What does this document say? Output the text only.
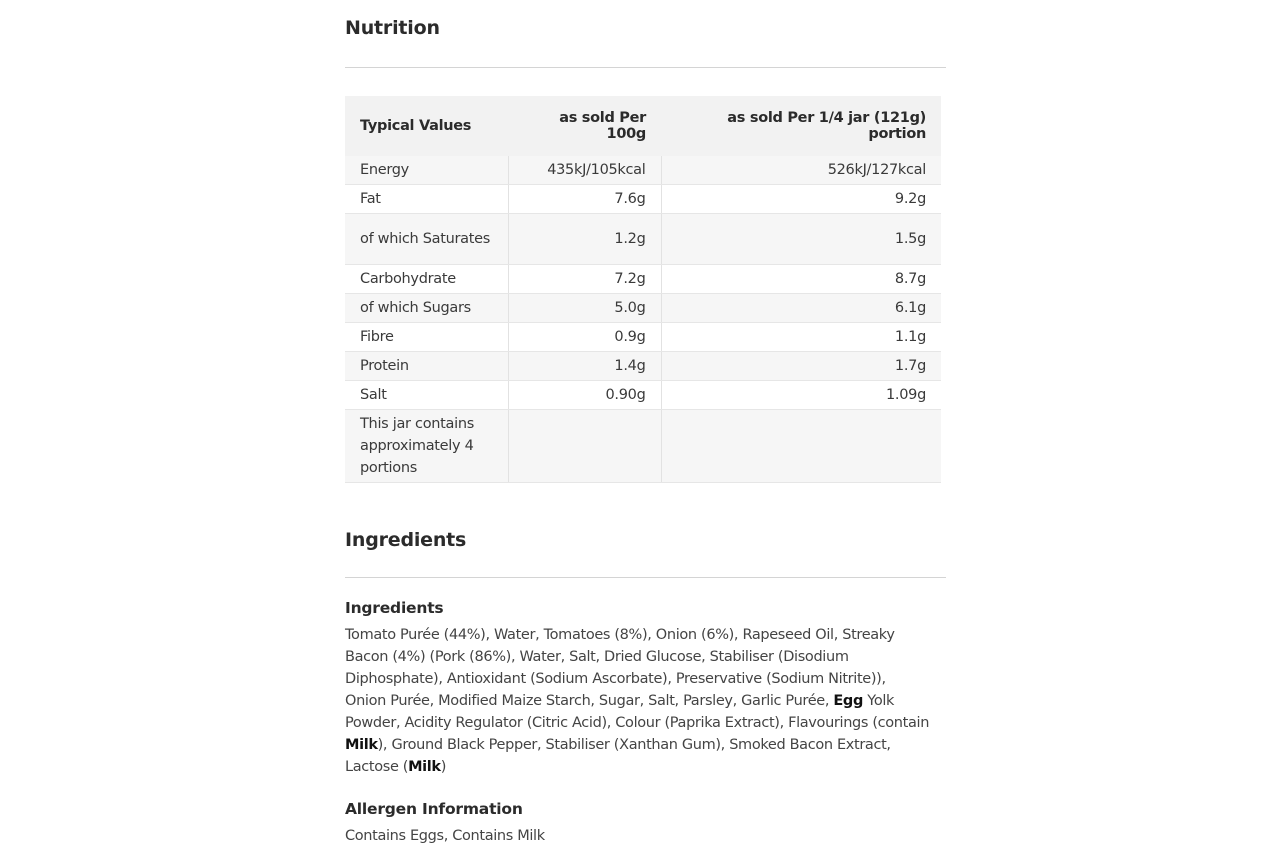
Nutrition
Typical Values	as sold Per 100g	as sold Per 1/4 jar (121g) portion
Energy	435kJ/105kcal	526kJ/127kcal
Fat	7.6g	9.2g
of which Saturates	1.2g	1.5g
Carbohydrate	7.2g	8.7g
of which Sugars	5.0g	6.1g
Fibre	0.9g	1.1g
Protein	1.4g	1.7g
Salt	0.90g	1.09g
This jar contains approximately 4 portions		
Ingredients
Ingredients

Tomato Purée (44%), Water, Tomatoes (8%), Onion (6%), Rapeseed Oil, Streaky Bacon (4%) (Pork (86%), Water, Salt, Dried Glucose, Stabiliser (Disodium Diphosphate), Antioxidant (Sodium Ascorbate), Preservative (Sodium Nitrite)), Onion Purée, Modified Maize Starch, Sugar, Salt, Parsley, Garlic Purée, Egg Yolk Powder, Acidity Regulator (Citric Acid), Colour (Paprika Extract), Flavourings (contain Milk), Ground Black Pepper, Stabiliser (Xanthan Gum), Smoked Bacon Extract, Lactose (Milk)

Allergen Information

Contains Eggs, Contains Milk
